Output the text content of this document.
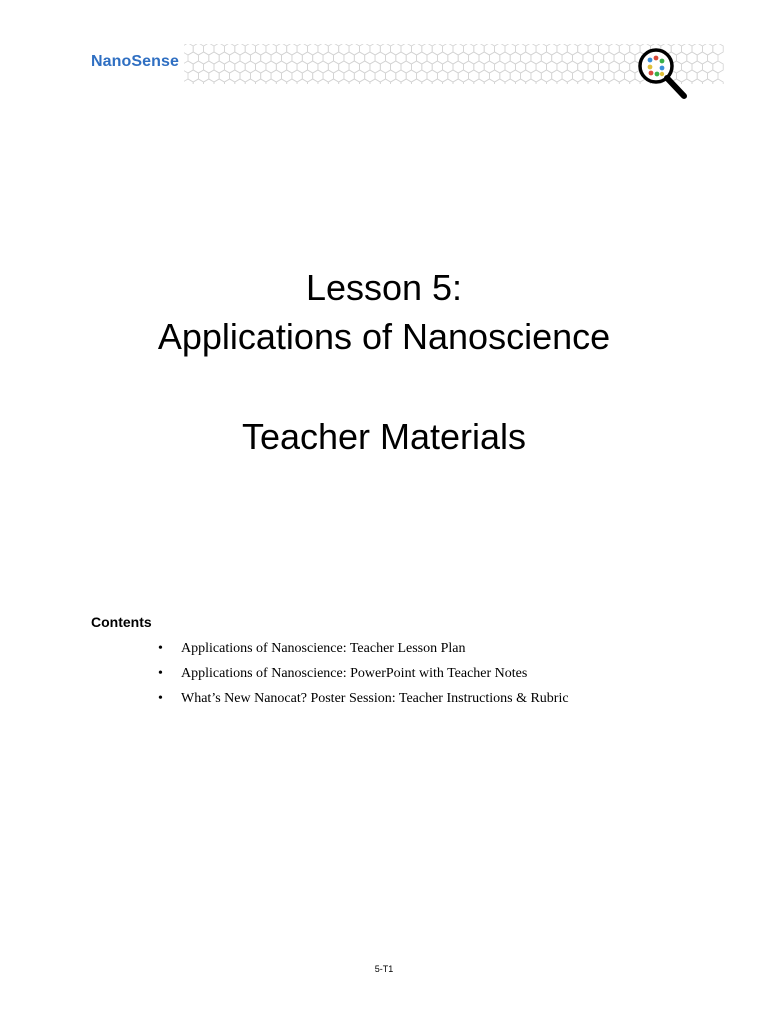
NanoSense
Lesson 5:
Applications of Nanoscience
Teacher Materials
Contents
• Applications of Nanoscience: Teacher Lesson Plan
• Applications of Nanoscience: PowerPoint with Teacher Notes
• What’s New Nanocat? Poster Session: Teacher Instructions & Rubric
5-T1
